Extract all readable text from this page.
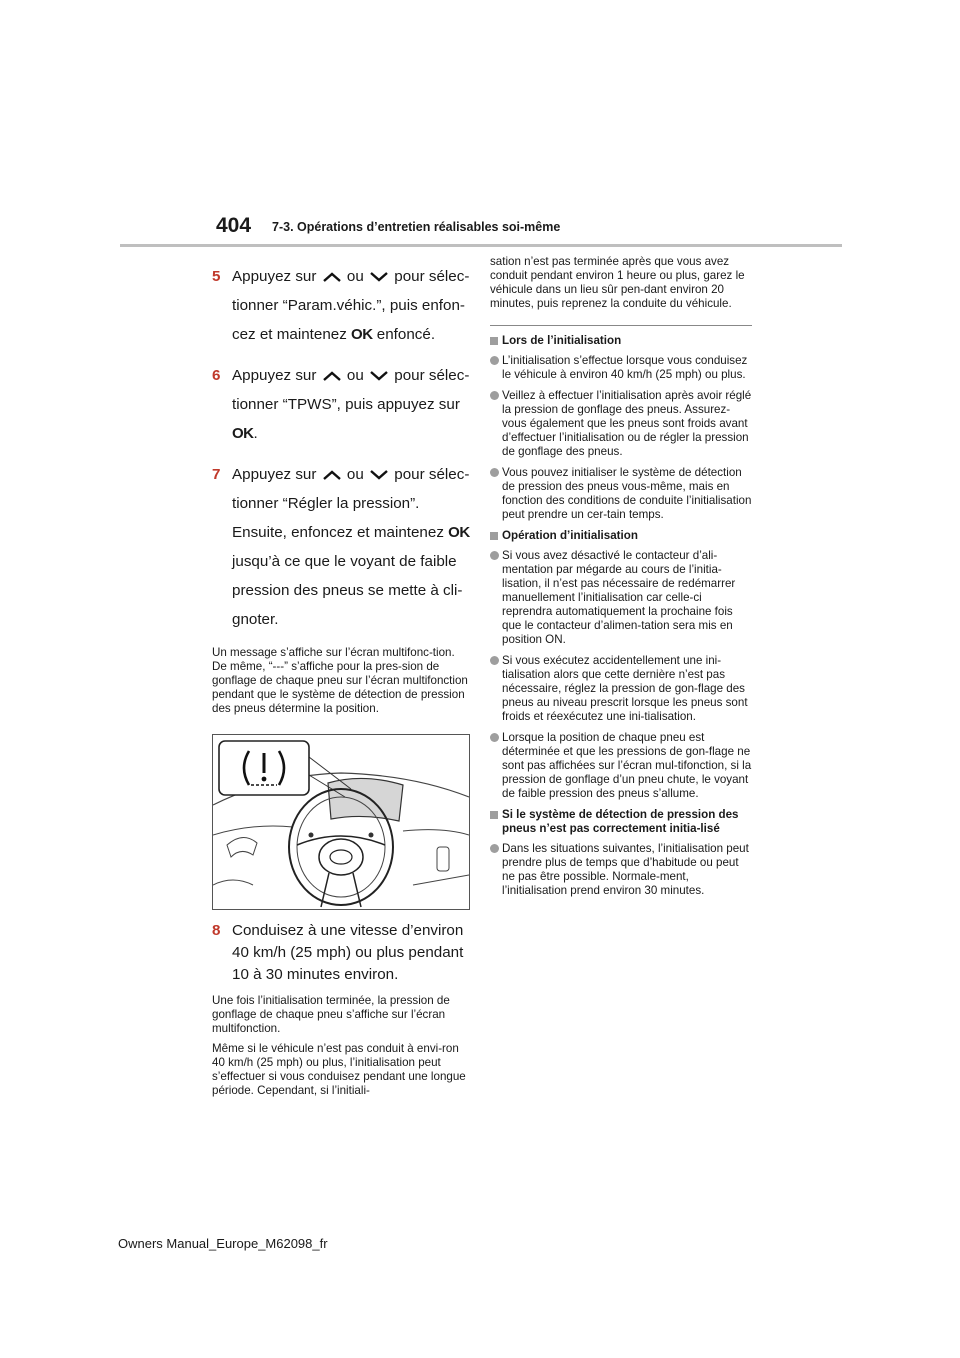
404 7-3. Opérations d’entretien réalisables soi-même
5 Appuyez sur ou pour sélec-
tionner “Param.véhic.”, puis enfon-
cez et maintenez OK enfoncé.
6 Appuyez sur ou pour sélec-
tionner “TPWS”, puis appuyez sur
OK.
7 Appuyez sur ou pour sélec-
tionner “Régler la pression”.
Ensuite, enfoncez et maintenez OK
jusqu’à ce que le voyant de faible
pression des pneus se mette à cli-
gnoter.

Un message s’affiche sur l’écran multifonc-tion. De même, “---” s’affiche pour la pres-sion de gonflage de chaque pneu sur l’écran multifonction pendant que le système de détection de pression des pneus détermine la position.

8 Conduisez à une vitesse d’environ
40 km/h (25 mph) ou plus pendant
10 à 30 minutes environ.

Une fois l’initialisation terminée, la pression de gonflage de chaque pneu s’affiche sur l’écran multifonction.

Même si le véhicule n’est pas conduit à envi-ron 40 km/h (25 mph) ou plus, l’initialisation peut s’effectuer si vous conduisez pendant une longue période. Cependant, si l’initiali-

sation n’est pas terminée après que vous avez conduit pendant environ 1 heure ou plus, garez le véhicule dans un lieu sûr pen-dant environ 20 minutes, puis reprenez la conduite du véhicule.

Lors de l’initialisation

L’initialisation s’effectue lorsque vous conduisez le véhicule à environ 40 km/h (25 mph) ou plus.

Veillez à effectuer l’initialisation après avoir réglé la pression de gonflage des pneus. Assurez-vous également que les pneus sont froids avant d’effectuer l’initialisation ou de régler la pression de gonflage des pneus.

Vous pouvez initialiser le système de détection de pression des pneus vous-même, mais en fonction des conditions de conduite l’initialisation peut prendre un cer-tain temps.

Opération d’initialisation

Si vous avez désactivé le contacteur d’ali-mentation par mégarde au cours de l’initia-lisation, il n’est pas nécessaire de redémarrer manuellement l’initialisation car celle-ci reprendra automatiquement la prochaine fois que le contacteur d’alimen-tation sera mis en position ON.

Si vous exécutez accidentellement une ini-tialisation alors que cette dernière n’est pas nécessaire, réglez la pression de gon-flage des pneus au niveau prescrit lorsque les pneus sont froids et réexécutez une ini-tialisation.

Lorsque la position de chaque pneu est déterminée et que les pressions de gon-flage ne sont pas affichées sur l’écran mul-tifonction, si la pression de gonflage d’un pneu chute, le voyant de faible pression des pneus s’allume.

Si le système de détection de pression des pneus n’est pas correctement initia-lisé

Dans les situations suivantes, l’initialisation peut prendre plus de temps que d’habitude ou peut ne pas être possible. Normale-ment, l’initialisation prend environ 30 minutes.

Owners Manual_Europe_M62098_fr
